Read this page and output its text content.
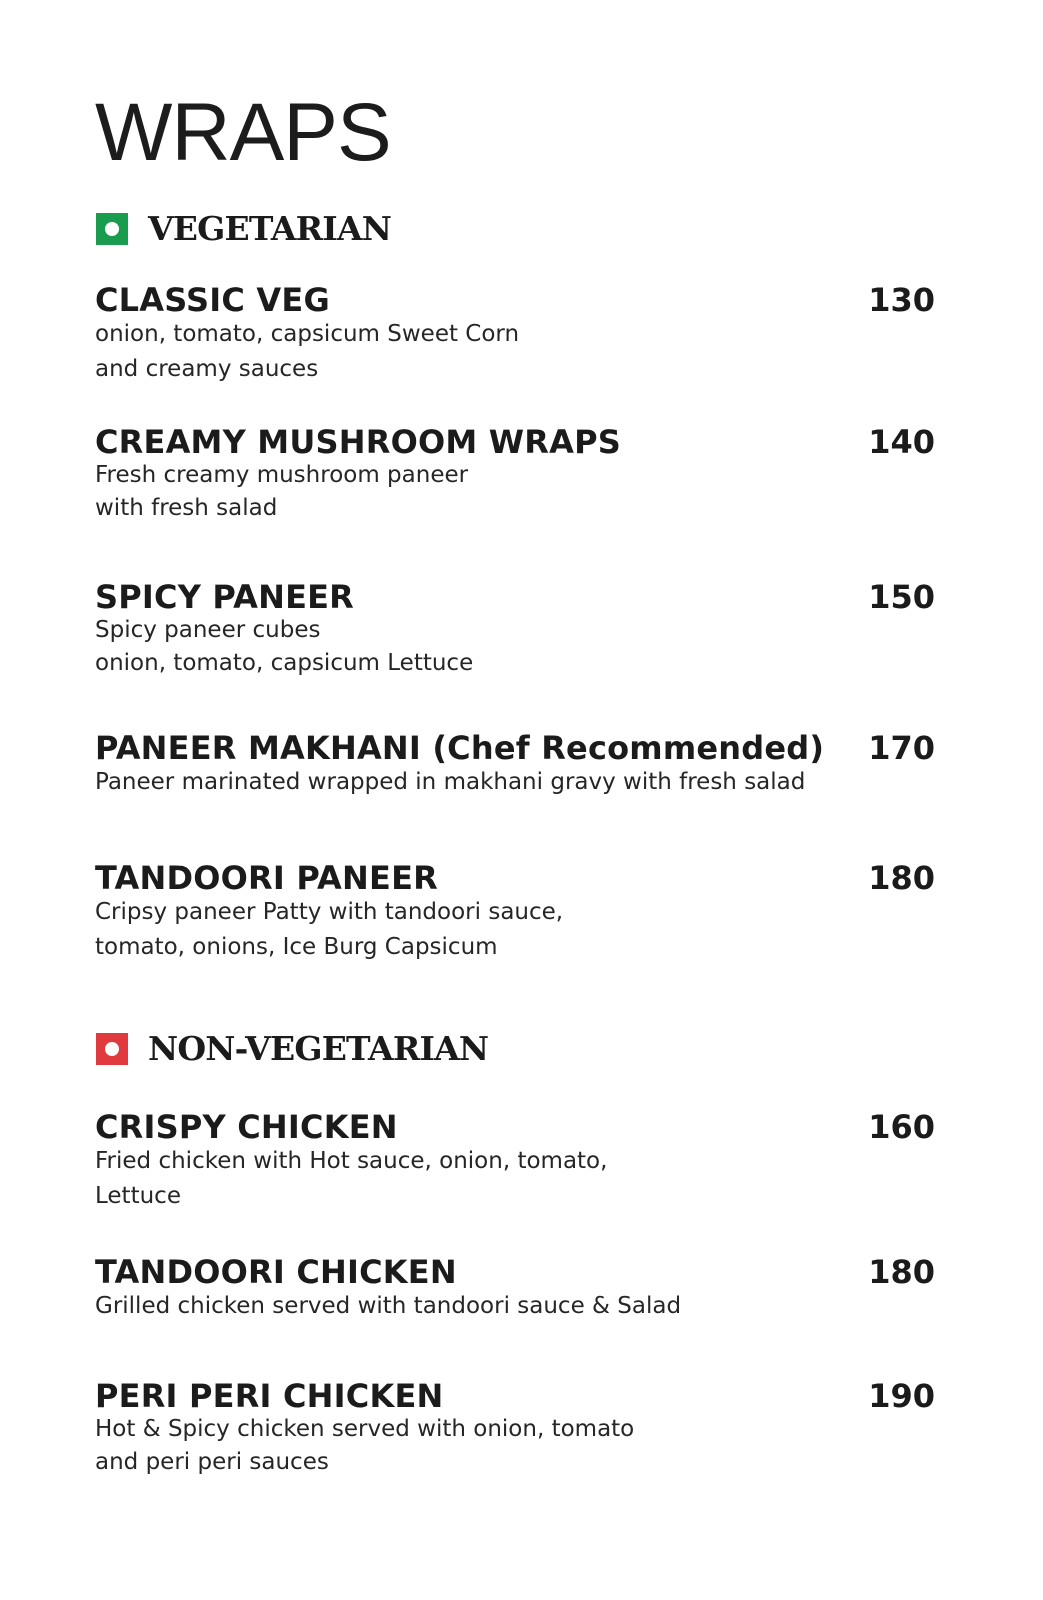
WRAPS
VEGETARIAN
CLASSIC VEG	130
onion, tomato, capsicum Sweet Corn
and creamy sauces
CREAMY MUSHROOM WRAPS	140
Fresh creamy mushroom paneer
with fresh salad
SPICY PANEER	150
Spicy paneer cubes
onion, tomato, capsicum Lettuce
PANEER MAKHANI (Chef Recommended) 170
Paneer marinated wrapped in makhani gravy with fresh salad
TANDOORI PANEER	180
Cripsy paneer Patty with tandoori sauce,
tomato, onions, Ice Burg Capsicum
NON-VEGETARIAN
CRISPY CHICKEN	160
Fried chicken with Hot sauce, onion, tomato,
Lettuce
TANDOORI CHICKEN	180
Grilled chicken served with tandoori sauce & Salad
PERI PERI CHICKEN	190
Hot & Spicy chicken served with onion, tomato
and peri peri sauces
